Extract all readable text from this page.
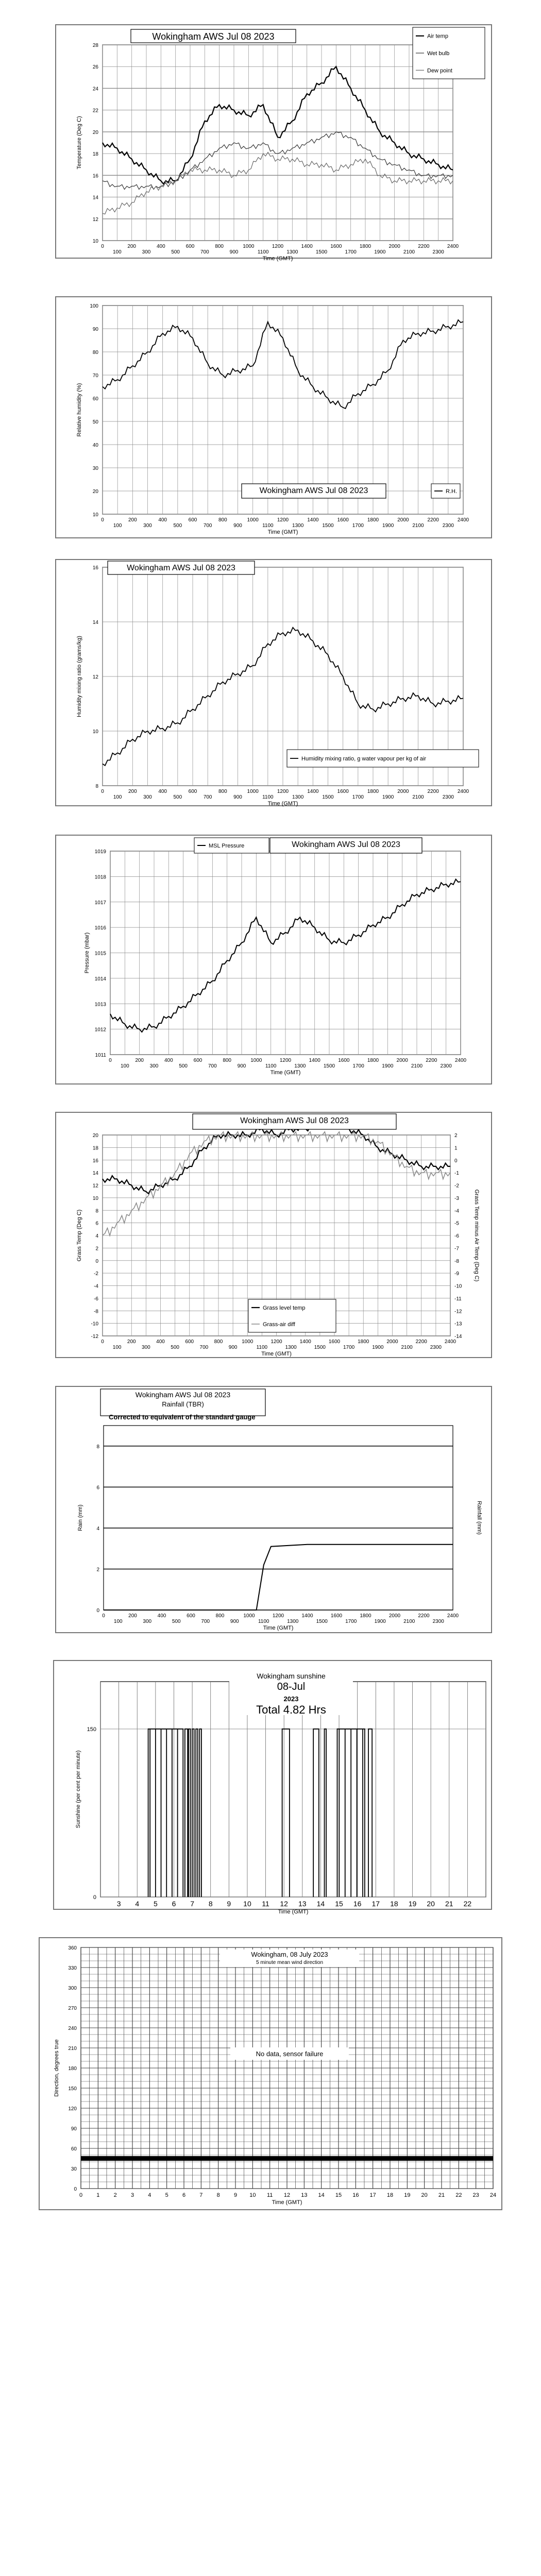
10
12
14
16
18
20
22
24
26
28
0
100
200
300
400
500
600
700
800
900
1000
1100
1200
1300
1400
1500
1600
1700
1800
1900
2000
2100
2200
2300
2400
Time (GMT)
Temperature (Deg C)
Wokingham AWS Jul 08 2023	Air temp
Wet bulb
Dew point
10
20
30
40
50
60
70
80
90
100
0
100
200
300
400
500
600
700
800
900
1000
1100
1200
1300
1400
1500
1600
1700
1800
1900
2000
2100
2200
2300
2400
Time (GMT)
Relative humidity (%)
Wokingham AWS Jul 08 2023	R.H.
8
10
12
14
16
0
100
200
300
400
500
600
700
800
900
1000
1100
1200
1300
1400
1500
1600
1700
1800
1900
2000
2100
2200
2300
2400
Time (GMT)
Humidity mixing ratio (grams/kg)
Wokingham AWS Jul 08 2023
Humidity mixing ratio, g water vapour per kg of air
1011
1012
1013
1014
1015
1016
1017
1018
1019
0
100
200
300
400
500
600
700
800
900
1000
1100
1200
1300
1400
1500
1600
1700
1800
1900
2000
2100
2200
2300
2400
Time (GMT)
Pressure (mbar)
Wokingham AWS Jul 08 2023
MSL Pressure
-12
-10
-8
-6
-4
-2
0
2
4
6
8
10
12
14
16
18
20
0
100
200
300
400
500
600
700
800
900
1000
1100
1200
1300
1400
1500
1600
1700
1800
1900
2000
2100
2200
2300
2400
Time (GMT)
Grass Temp (Deg C)	Grass Temp minus Air Temp (Deg C)
-14
-13
-12
-11
-10
-9
-8
-7
-6
-5
-4
-3
-2
-1
0
1
2
Wokingham AWS Jul 08 2023
Grass level temp
Grass-air diff
0
2
4
6
8
0
100
200
300
400
500
600
700
800
900
1000
1100
1200
1300
1400
1500
1600
1700
1800
1900
2000
2100
2200
2300
2400
Time (GMT)
Rain (mm)	Rainfall (mm)
Wokingham AWS Jul 08 2023
Rainfall (TBR)
Corrected to equivalent of the standard gauge
0
150
3 4 5 6 7 8 9 10 11 12 13 14 15 16 17 18 19 20 21 22
Time (GMT)
Sunshine (per cent per minute)
Wokingham sunshine
08-Jul
2023
Total 4.82 Hrs
0
30
60
90
120
150
180
210
240
270
300
330
360
0 1 2 3 4 5 6 7 8 9 10 11 12 13 14 15 16 17 18 19 20 21 22 23 24
Time (GMT)
Direction, degrees true
Wokingham, 08 July 2023
5 minute mean wind direction
No data, sensor failure
